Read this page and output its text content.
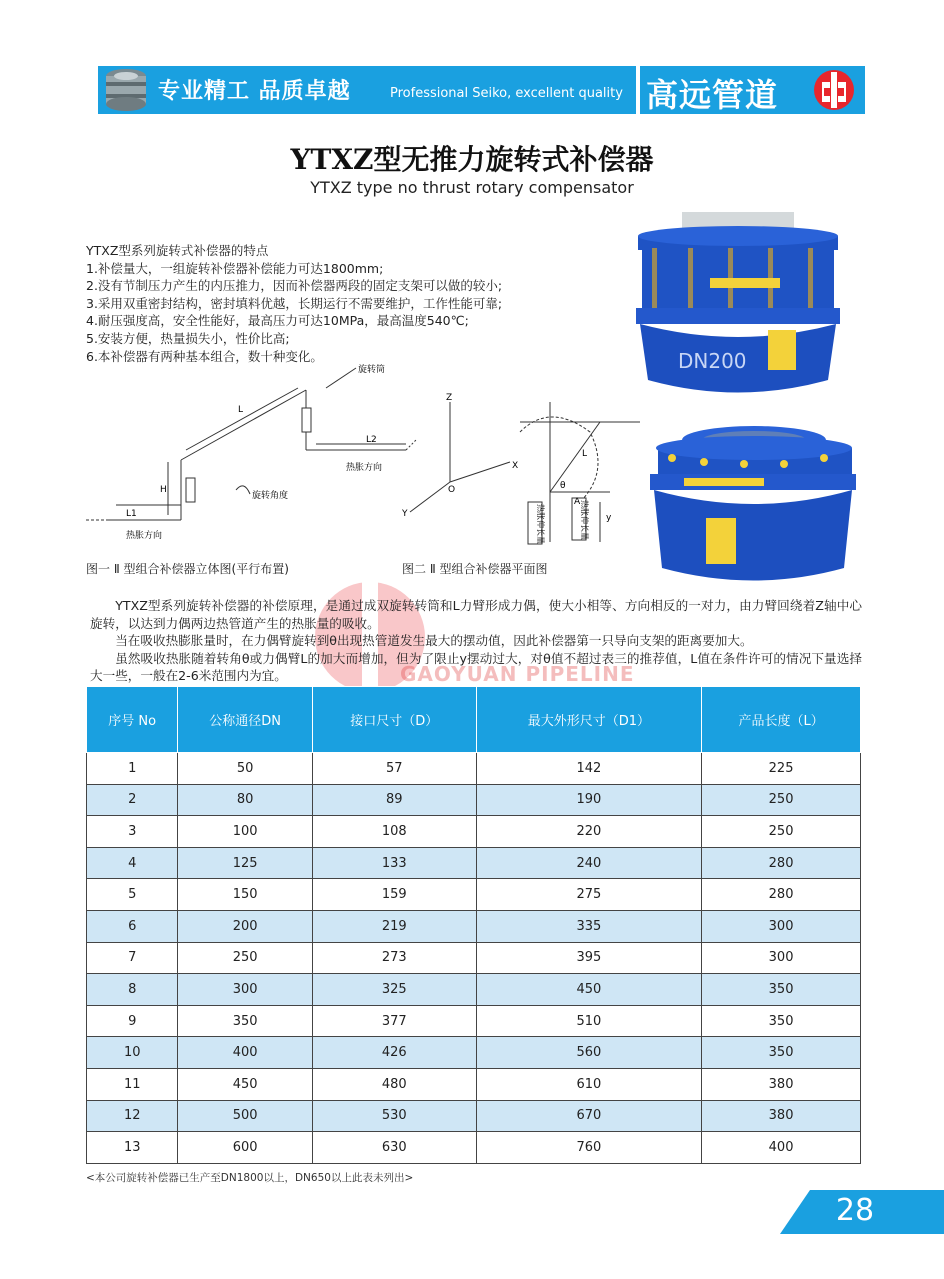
专业精工 品质卓越	Professional Seiko, excellent quality 高远管道
YTXZ型无推力旋转式补偿器
YTXZ type no thrust rotary compensator
YTXZ型系列旋转式补偿器的特点
1.补偿量大，一组旋转补偿器补偿能力可达1800mm;
2.没有节制压力产生的内压推力，因而补偿器两段的固定支架可以做的较小;
3.采用双重密封结构，密封填料优越，长期运行不需要维护，工作性能可靠;
4.耐压强度高，安全性能好，最高压力可达10MPa，最高温度540℃;
5.安装方便，热量损失小，性价比高;
6.本补偿器有两种基本组合，数十种变化。	DN200
旋转筒
L
L1
L2
H
旋转角度
热胀方向
热胀方向
Z
X
Y
O	θ
y
L
A
热胀伸长量	热胀伸长量
图一 Ⅱ 型组合补偿器立体图(平行布置)	图二 Ⅱ 型组合补偿器平面图
GAOYUAN PIPELINE

YTXZ型系列旋转补偿器的补偿原理，是通过成双旋转转筒和L力臂形成力偶，使大小相等、方向相反的一对力，由力臂回绕着Z轴中心旋转，以达到力偶两边热管道产生的热胀量的吸收。

当在吸收热膨胀量时，在力偶臂旋转到θ出现热管道发生最大的摆动值，因此补偿器第一只导向支架的距离要加大。

虽然吸收热胀随着转角θ或力偶臂L的加大而增加，但为了限止y摆动过大，对θ值不超过表三的推荐值，L值在条件许可的情况下量选择大一些，一般在2-6米范围内为宜。

序号 No	公称通径DN	接口尺寸（D）	最大外形尺寸（D1）	产品长度（L）
1	50	57	142	225
2	80	89	190	250
3	100	108	220	250
4	125	133	240	280
5	150	159	275	280
6	200	219	335	300
7	250	273	395	300
8	300	325	450	350
9	350	377	510	350
10	400	426	560	350
11	450	480	610	380
12	500	530	670	380
13	600	630	760	400
<本公司旋转补偿器已生产至DN1800以上，DN650以上此表未列出>
28
